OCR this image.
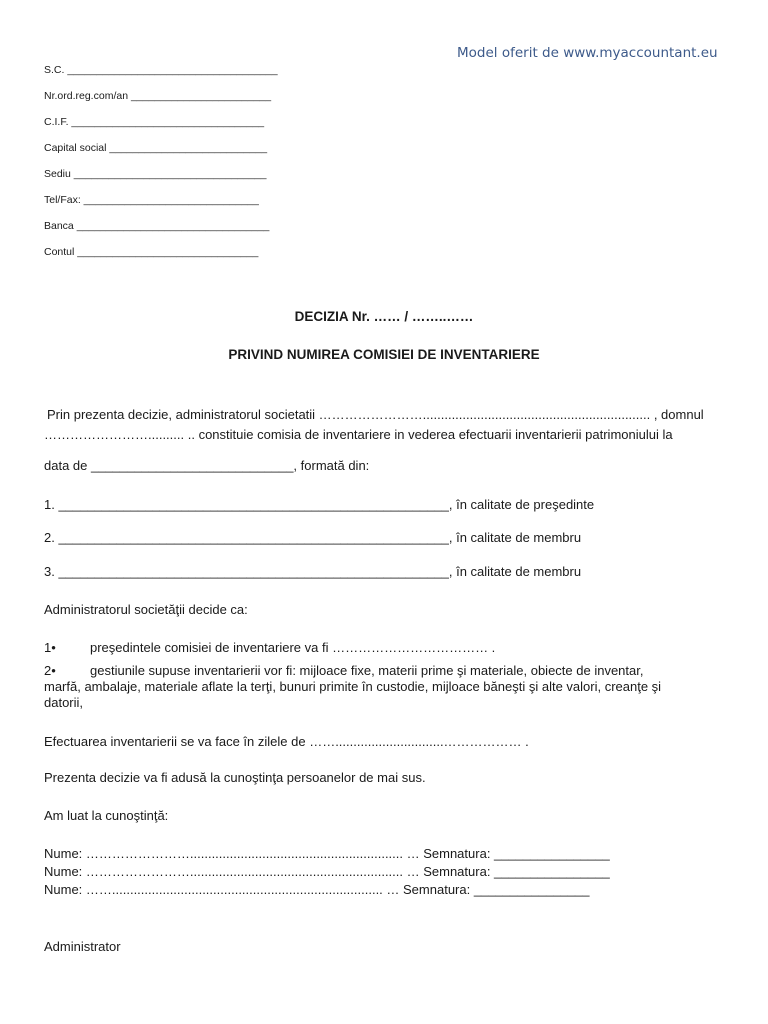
Model oferit de www.myaccountant.eu
S.C. ____________________________________
Nr.ord.reg.com/an ________________________
C.I.F. _________________________________
Capital social ___________________________
Sediu _________________________________
Tel/Fax: ______________________________
Banca _________________________________
Contul _______________________________
DECIZIA Nr. …… / ……..……
PRIVIND NUMIREA COMISIEI DE INVENTARIERE
Prin prezenta decizie, administratorul societatii ……………………............................................................... , domnul
…………………….......... .. constituie comisia de inventariere in vederea efectuarii inventarierii patrimoniului la
data de ____________________________, formată din:
1. ______________________________________________________, în calitate de preşedinte
2. ______________________________________________________, în calitate de membru
3. ______________________________________________________, în calitate de membru
Administratorul societăţii decide ca:
1•	preşedintele comisiei de inventariere va fi ……………………………… .
2•	gestiunile supuse inventarierii vor fi: mijloace fixe, materii prime şi materiale, obiecte de inventar,
marfă, ambalaje, materiale aflate la terţi, bunuri primite în custodie, mijloace băneşti şi alte valori, creanţe şi
datorii,
Efectuarea inventarierii se va face în zilele de ……..............................……………… .
Prezenta decizie va fi adusă la cunoştinţa persoanelor de mai sus.
Am luat la cunoştinţă:
Nume: ……………………........................................................... … Semnatura: ________________
Nume: ……………………........................................................... … Semnatura: ________________
Nume: ……........................................................................... … Semnatura: ________________
Administrator
